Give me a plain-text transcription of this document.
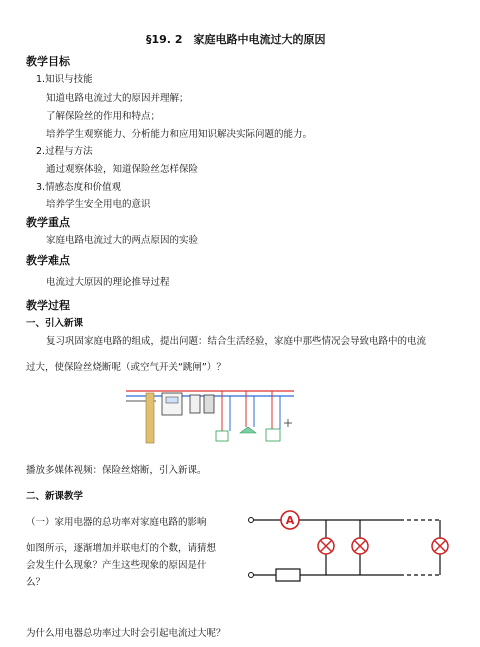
§19. 2　家庭电路中电流过大的原因
教学目标
1.知识与技能
知道电路电流过大的原因并理解；
了解保险丝的作用和特点；
培养学生观察能力、分析能力和应用知识解决实际问题的能力。
2.过程与方法
通过观察体验，知道保险丝怎样保险
3.情感态度和价值观
培养学生安全用电的意识
教学重点
家庭电路电流过大的两点原因的实验
教学难点
电流过大原因的理论推导过程
教学过程
一、引入新课
复习巩固家庭电路的组成，提出问题：结合生活经验，家庭中那些情况会导致电路中的电流
过大，使保险丝烧断呢（或空气开关“跳闸”）？
播放多媒体视频：保险丝熔断，引入新课。
二、新课教学
（一）家用电器的总功率对家庭电路的影响
如图所示，逐渐增加并联电灯的个数，请猜想
会发生什么现象？产生这些现象的原因是什
么？
A
为什么用电器总功率过大时会引起电流过大呢？
